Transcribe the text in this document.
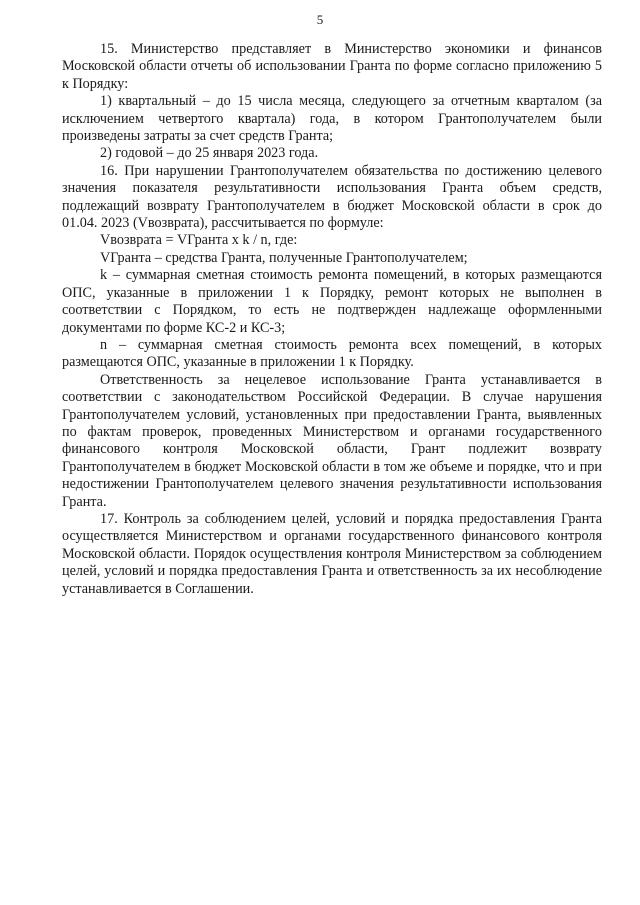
5

15. Министерство представляет в Министерство экономики и финансов Московской области отчеты об использовании Гранта по форме согласно приложению 5 к Порядку:

1) квартальный – до 15 числа месяца, следующего за отчетным кварталом (за исключением четвертого квартала) года, в котором Грантополучателем были произведены затраты за счет средств Гранта;

2) годовой – до 25 января 2023 года.

16. При нарушении Грантополучателем обязательства по достижению целевого значения показателя результативности использования Гранта объем средств, подлежащий возврату Грантополучателем в бюджет Московской области в срок до 01.04. 2023 (Vвозврата), рассчитывается по формуле:

Vвозврата = VГранта x k / n, где:

VГранта – средства Гранта, полученные Грантополучателем;

k – суммарная сметная стоимость ремонта помещений, в которых размещаются ОПС, указанные в приложении 1 к Порядку, ремонт которых не выполнен в соответствии с Порядком, то есть не подтвержден надлежаще оформленными документами по форме КС-2 и КС-3;

n – суммарная сметная стоимость ремонта всех помещений, в которых размещаются ОПС, указанные в приложении 1 к Порядку.

Ответственность за нецелевое использование Гранта устанавливается в соответствии с законодательством Российской Федерации. В случае нарушения Грантополучателем условий, установленных при предоставлении Гранта, выявленных по фактам проверок, проведенных Министерством и органами государственного финансового контроля Московской области, Грант подлежит возврату Грантополучателем в бюджет Московской области в том же объеме и порядке, что и при недостижении Грантополучателем целевого значения результативности использования Гранта.

17. Контроль за соблюдением целей, условий и порядка предоставления Гранта осуществляется Министерством и органами государственного финансового контроля Московской области. Порядок осуществления контроля Министерством за соблюдением целей, условий и порядка предоставления Гранта и ответственность за их несоблюдение устанавливается в Соглашении.
